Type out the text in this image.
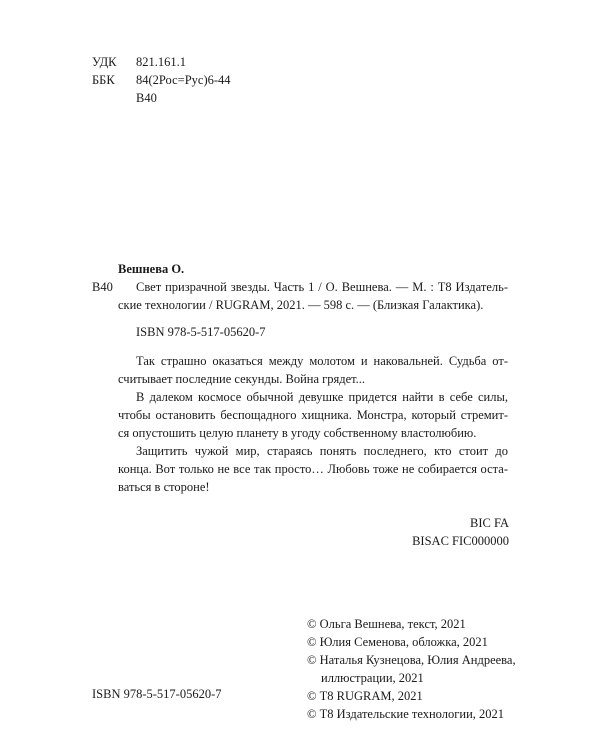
УДК 821.161.1
ББК 84(2Рос=Рус)6-44
В40
Вешнева О.
В40 Свет призрачной звезды. Часть 1 / О. Вешнева. — М. : Т8 Издатель-
ские технологии / RUGRAM, 2021. — 598 с. — (Близкая Галактика).
ISBN 978-5-517-05620-7
Так страшно оказаться между молотом и наковальней. Судьба от-
считывает последние секунды. Война грядет...
В далеком космосе обычной девушке придется найти в себе силы,
чтобы остановить беспощадного хищника. Монстра, который стремит-
ся опустошить целую планету в угоду собственному властолюбию.
Защитить чужой мир, стараясь понять последнего, кто стоит до
конца. Вот только не все так просто… Любовь тоже не собирается оста-
ваться в стороне!
BIC FA
BISAC FIC000000
ISBN 978-5-517-05620-7
© Ольга Вешнева, текст, 2021
© Юлия Семенова, обложка, 2021
© Наталья Кузнецова, Юлия Андреева,
иллюстрации, 2021
© Т8 RUGRAM, 2021
© Т8 Издательские технологии, 2021
